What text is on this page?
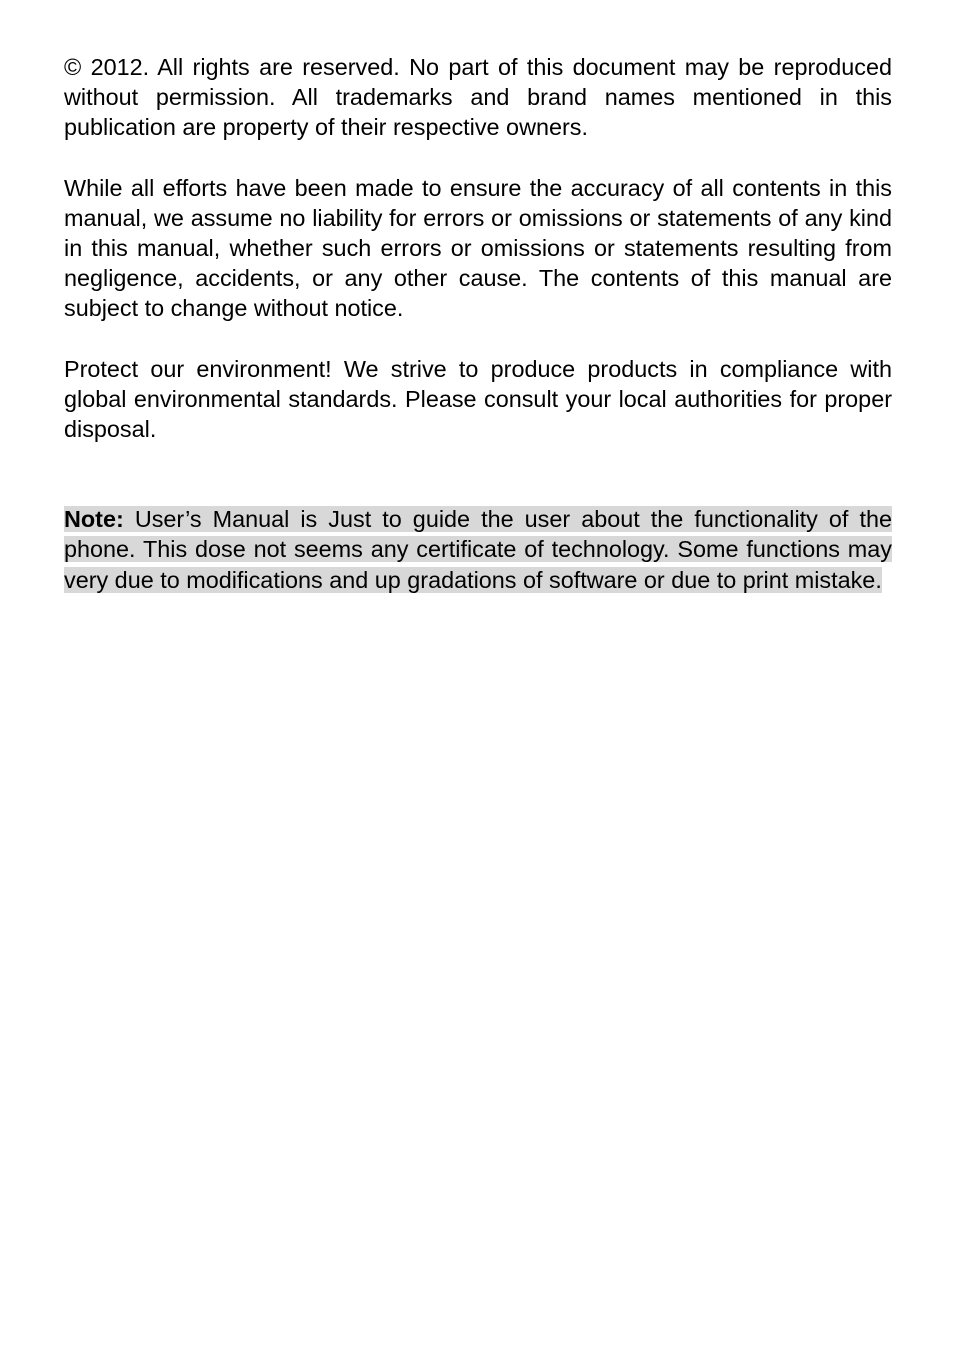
© 2012. All rights are reserved. No part of this document may be reproduced without permission. All trademarks and brand names mentioned in this publication are property of their respective owners.

While all efforts have been made to ensure the accuracy of all contents in this manual, we assume no liability for errors or omissions or statements of any kind in this manual, whether such errors or omissions or statements resulting from negligence, accidents, or any other cause. The contents of this manual are subject to change without notice.

Protect our environment! We strive to produce products in compliance with global environmental standards. Please consult your local authorities for proper disposal.

Note: User’s Manual is Just to guide the user about the functionality of the phone. This dose not seems any certificate of technology. Some functions may very due to modifications and up gradations of software or due to print mistake.
